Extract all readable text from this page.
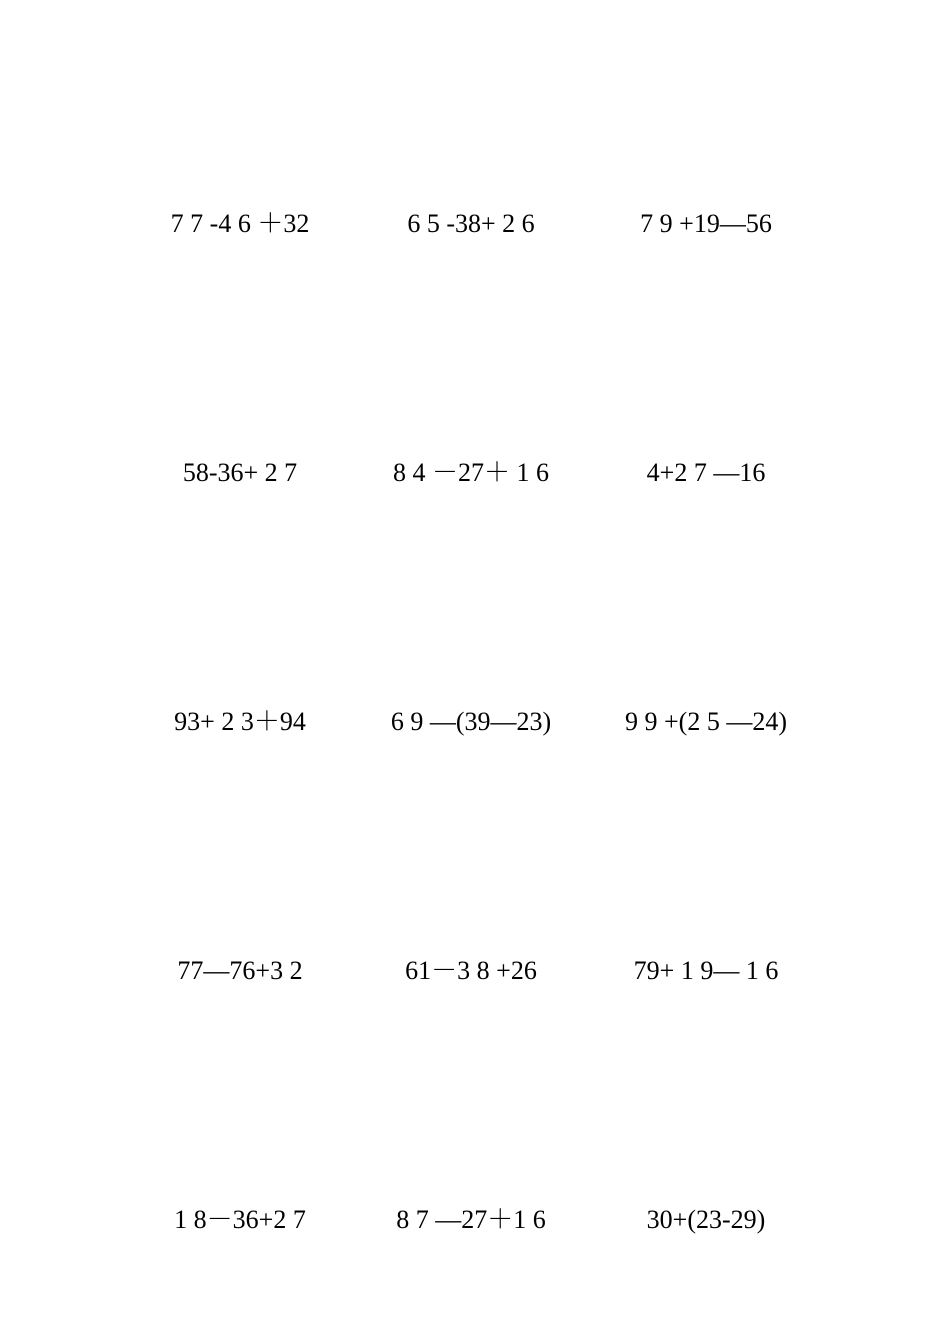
7 7 -4 6 ＋32	6 5 -38+ 2 6	7 9 +19—56
58-36+ 2 7	8 4 －27＋ 1 6	4+2 7 —16
93+ 2 3＋94	6 9 —(39—23)	9 9 +(2 5 —24)
77—76+3 2	61－3 8 +26	79+ 1 9— 1 6
1 8－36+2 7	8 7 —27＋1 6	30+(23-29)
